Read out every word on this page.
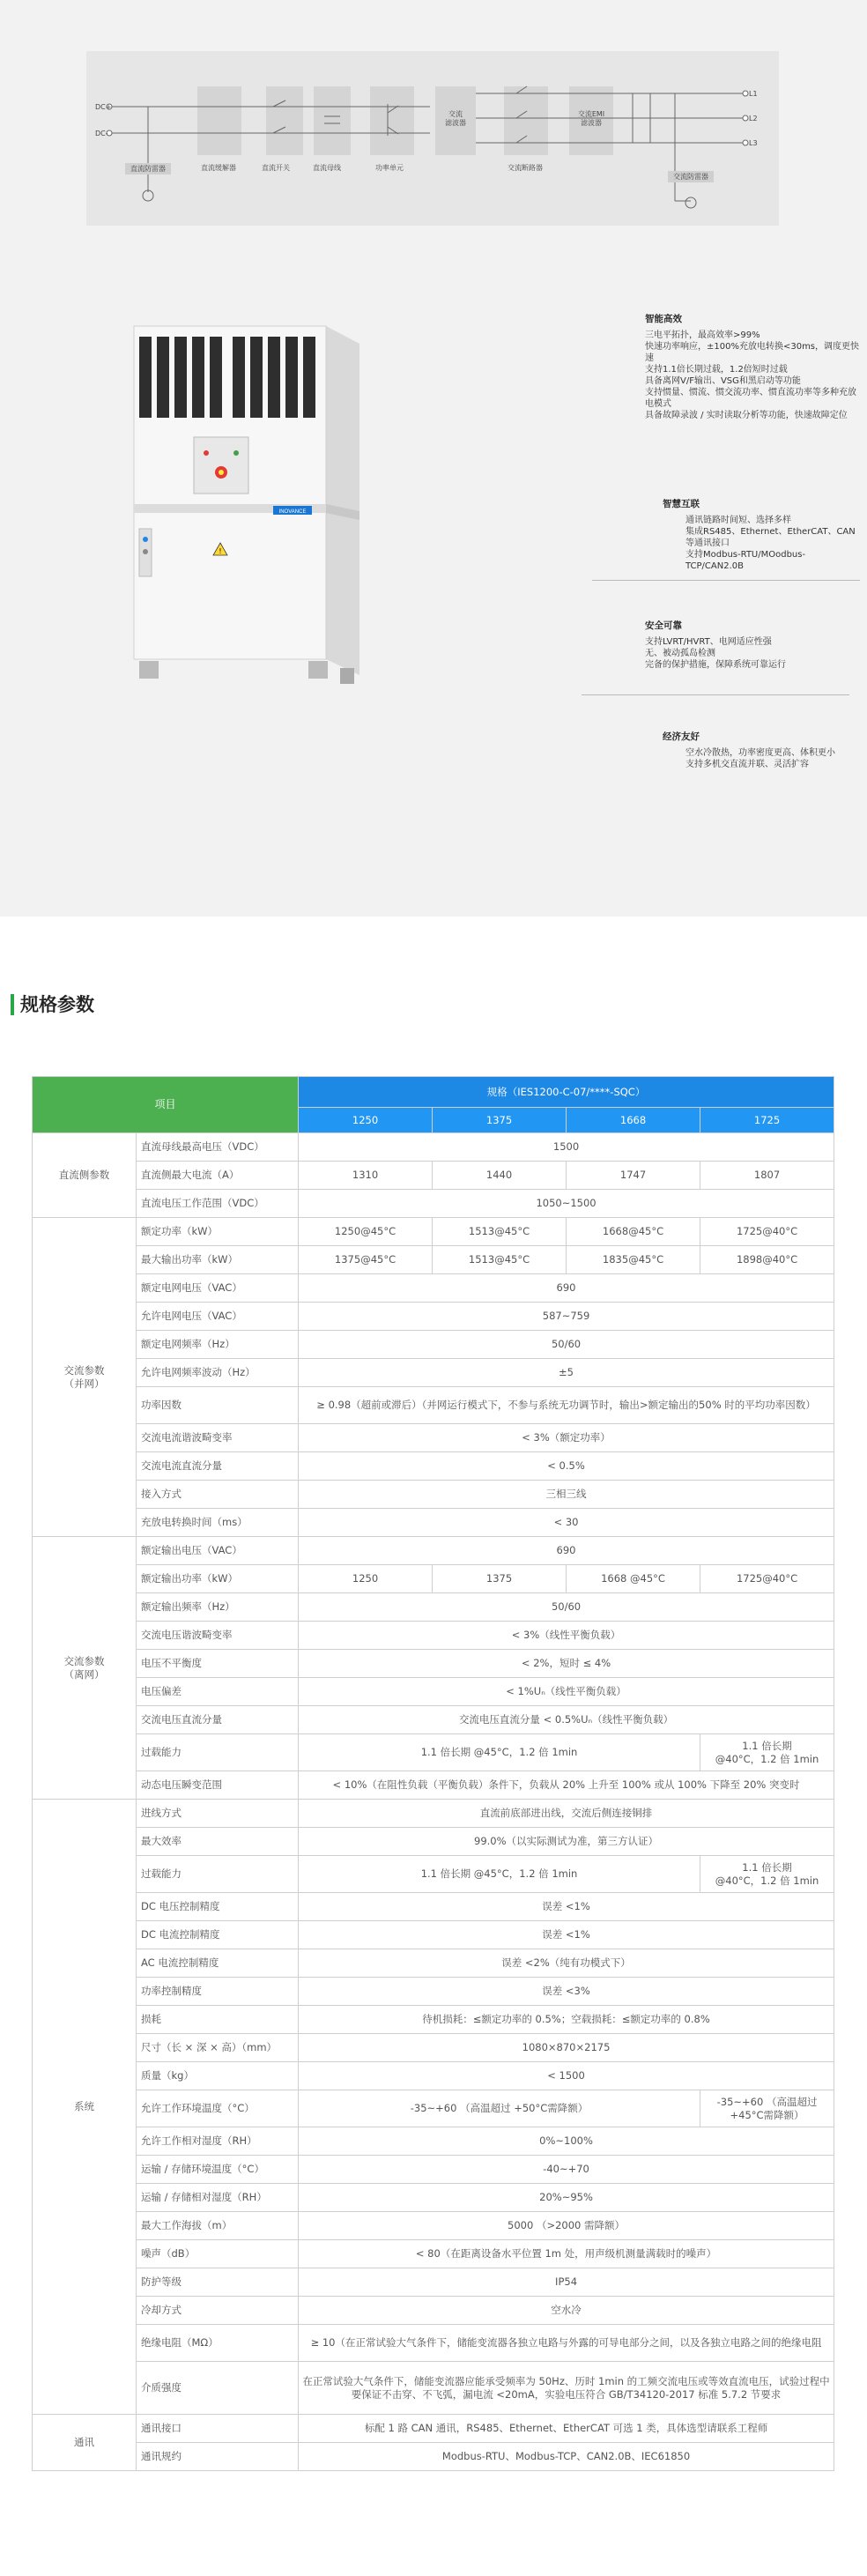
DC+
DC-
L1
L2
L3
直流防雷器	直流缓解器	直流开关	直流母线	功率单元
交流
滤波器
交流断路器
交流EMI
滤波器
交流防雷器
INOVANCE
!
智能高效
三电平拓扑，最高效率>99%
快速功率响应，±100%充放电转换<30ms，调度更快速
支持1.1倍长期过载，1.2倍短时过载
具备离网V/F输出、VSG和黑启动等功能
支持惯量、惯流、惯交流功率、惯直流功率等多种充放电模式
具备故障录波 / 实时读取分析等功能，快速故障定位
智慧互联
通讯链路时间短、选择多样
集成RS485、Ethernet、EtherCAT、CAN等通讯接口
支持Modbus-RTU/MOodbus-TCP/CAN2.0B
安全可靠
支持LVRT/HVRT、电网适应性强
无、被动孤岛检测
完备的保护措施，保障系统可靠运行
经济友好
空水冷散热，功率密度更高、体积更小
支持多机交直流并联、灵活扩容
规格参数
项目		规格（IES1200-C-07/****-SQC）			
		1250	1375	1668	1725
直流侧参数	直流母线最高电压（VDC）	1500			
	直流侧最大电流（A）	1310	1440	1747	1807
	直流电压工作范围（VDC）	1050~1500			
交流参数
（并网）	额定功率（kW）	1250@45°C	1513@45°C	1668@45°C	1725@40°C
	最大输出功率（kW）	1375@45°C	1513@45°C	1835@45°C	1898@40°C
	额定电网电压（VAC）	690			
	允许电网电压（VAC）	587~759			
	额定电网频率（Hz）	50/60			
	允许电网频率波动（Hz）	±5			
	功率因数	≥ 0.98（超前或滞后）（并网运行模式下，不参与系统无功调节时，输出>额定输出的50% 时的平均功率因数）			
	交流电流谐波畸变率	< 3%（额定功率）			
	交流电流直流分量	< 0.5%			
	接入方式	三相三线			
	充放电转换时间（ms）	< 30			
交流参数
（离网）	额定输出电压（VAC）	690			
	额定输出功率（kW）	1250	1375	1668 @45°C	1725@40°C
	额定输出频率（Hz）	50/60			
	交流电压谐波畸变率	< 3%（线性平衡负载）			
	电压不平衡度	< 2%，短时 ≤ 4%			
	电压偏差	< 1%Uₙ（线性平衡负载）			
	交流电压直流分量	交流电压直流分量 < 0.5%Uₙ（线性平衡负载）			
	过载能力	1.1 倍长期 @45°C，1.2 倍 1min			1.1 倍长期
@40°C，1.2 倍 1min
	动态电压瞬变范围	< 10%（在阻性负载（平衡负载）条件下，负载从 20% 上升至 100% 或从 100% 下降至 20% 突变时			
系统	进线方式	直流前底部进出线，交流后侧连接铜排			
	最大效率	99.0%（以实际测试为准，第三方认证）			
	过载能力	1.1 倍长期 @45°C，1.2 倍 1min			1.1 倍长期
@40°C，1.2 倍 1min
	DC 电压控制精度	误差 <1%			
	DC 电流控制精度	误差 <1%			
	AC 电流控制精度	误差 <2%（纯有功模式下）			
	功率控制精度	误差 <3%			
	损耗	待机损耗：≤额定功率的 0.5%；空载损耗：≤额定功率的 0.8%			
	尺寸（长 × 深 × 高）（mm）	1080×870×2175			
	质量（kg）	< 1500			
	允许工作环境温度（°C）	-35~+60 （高温超过 +50°C需降额）			-35~+60 （高温超过
+45°C需降额）
	允许工作相对湿度（RH）	0%~100%			
	运输 / 存储环境温度（°C）	-40~+70			
	运输 / 存储相对湿度（RH）	20%~95%			
	最大工作海拔（m）	5000 （>2000 需降额）			
	噪声（dB）	< 80（在距离设备水平位置 1m 处，用声级机测量满载时的噪声）			
	防护等级	IP54			
	冷却方式	空水冷			
	绝缘电阻（MΩ）	≥ 10（在正常试验大气条件下，储能变流器各独立电路与外露的可导电部分之间，以及各独立电路之间的绝缘电阻			
	介质强度	在正常试验大气条件下，储能变流器应能承受频率为 50Hz、历时 1min 的工频交流电压或等效直流电压，试验过程中要保证不击穿、不飞弧，漏电流 <20mA，实验电压符合 GB/T34120-2017 标准 5.7.2 节要求			
通讯	通讯接口	标配 1 路 CAN 通讯，RS485、Ethernet、EtherCAT 可选 1 类，具体选型请联系工程师			
	通讯规约	Modbus-RTU、Modbus-TCP、CAN2.0B、IEC61850			
